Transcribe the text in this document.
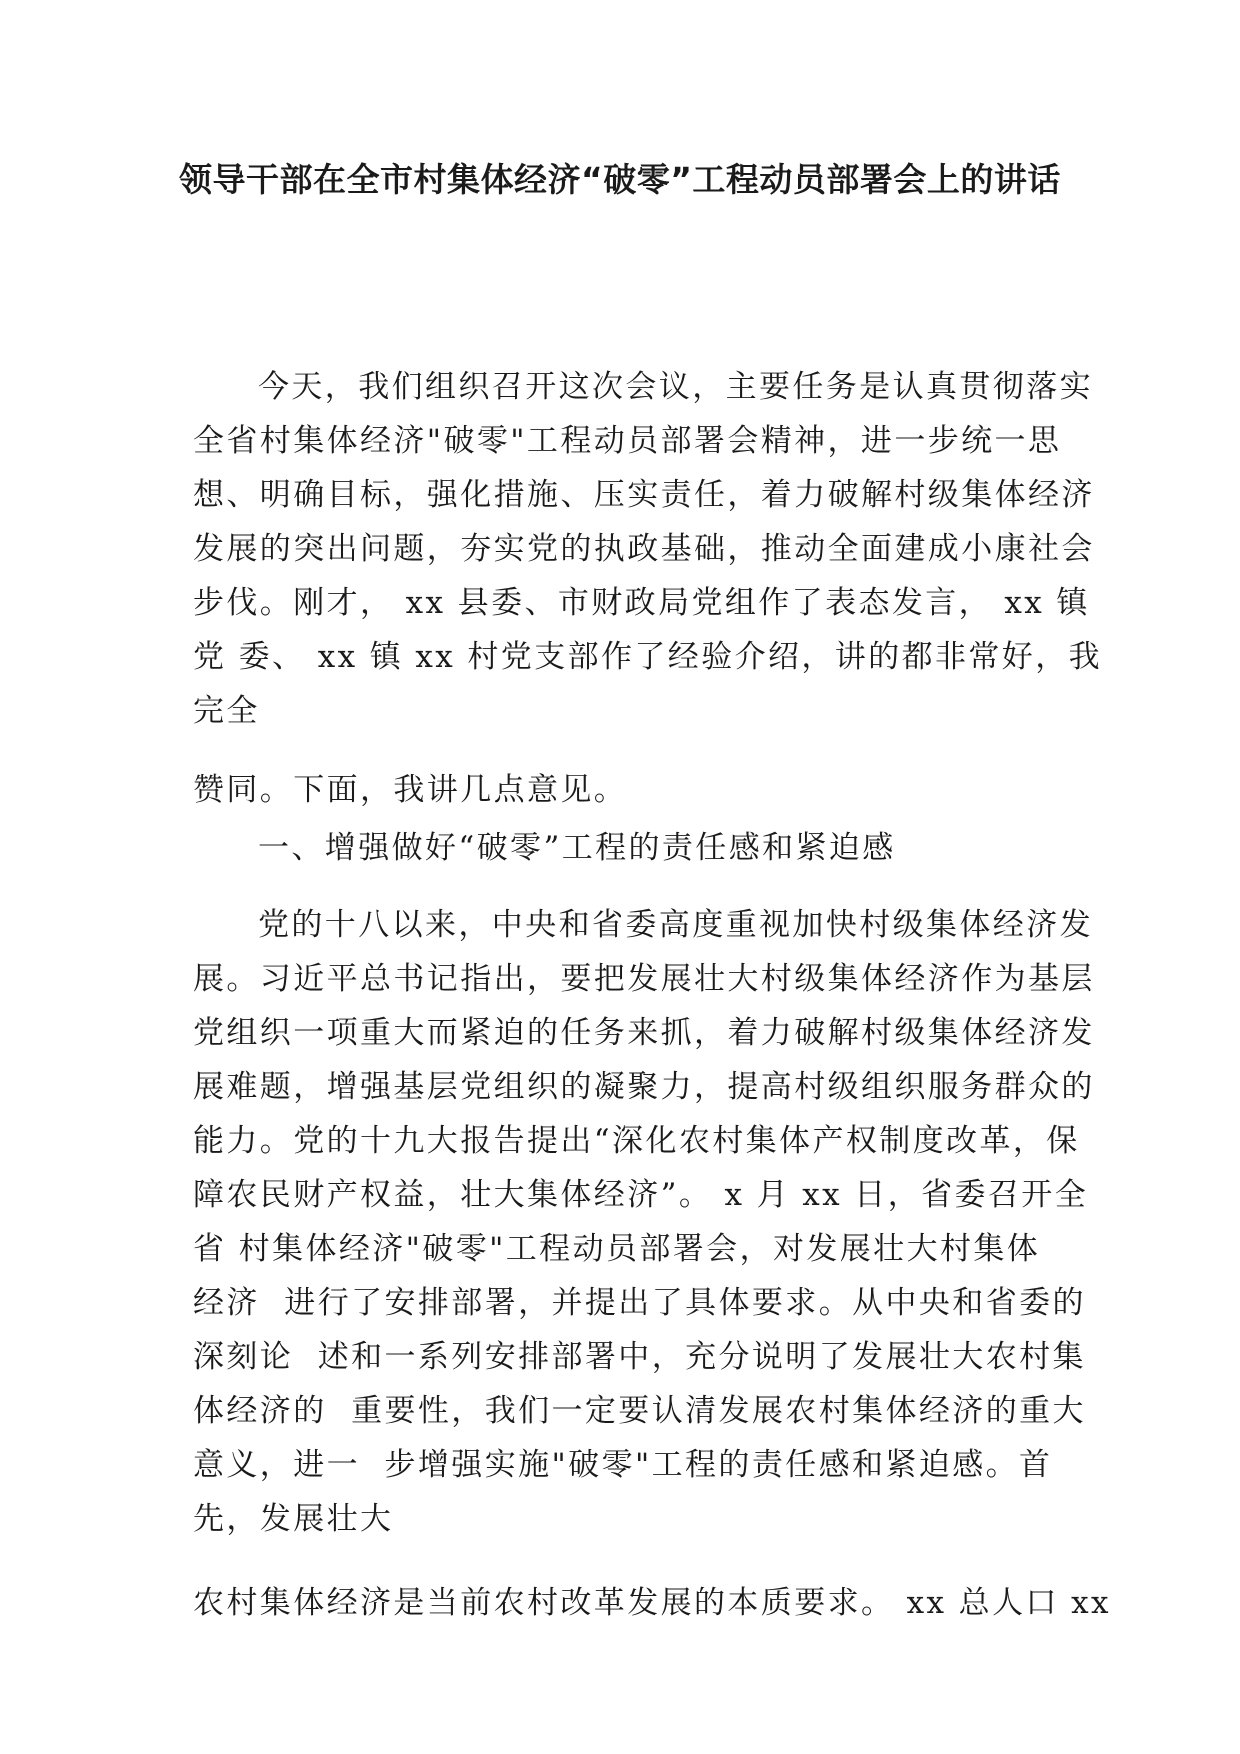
领导干部在全市村集体经济“破零”工程动员部署会上的讲话
今天，我们组织召开这次会议，主要任务是认真贯彻落实
全省村集体经济"破零"工程动员部署会精神，进一步统一思
想、明确目标，强化措施、压实责任，着力破解村级集体经济
发展的突出问题，夯实党的执政基础，推动全面建成小康社会
步伐。刚才， xx 县委、市财政局党组作了表态发言， xx 镇
党 委、 xx 镇 xx 村党支部作了经验介绍，讲的都非常好，我
完全
赞同。下面，我讲几点意见。
一、增强做好“破零”工程的责任感和紧迫感
党的十八以来，中央和省委高度重视加快村级集体经济发
展。习近平总书记指出，要把发展壮大村级集体经济作为基层
党组织一项重大而紧迫的任务来抓，着力破解村级集体经济发
展难题，增强基层党组织的凝聚力，提高村级组织服务群众的
能力。党的十九大报告提出“深化农村集体产权制度改革，保
障农民财产权益，壮大集体经济”。 x 月 xx 日，省委召开全
省 村集体经济"破零"工程动员部署会，对发展壮大村集体
经济  进行了安排部署，并提出了具体要求。从中央和省委的
深刻论  述和一系列安排部署中，充分说明了发展壮大农村集
体经济的  重要性，我们一定要认清发展农村集体经济的重大
意义，进一  步增强实施"破零"工程的责任感和紧迫感。首
先，发展壮大
农村集体经济是当前农村改革发展的本质要求。 xx 总人口 xx
